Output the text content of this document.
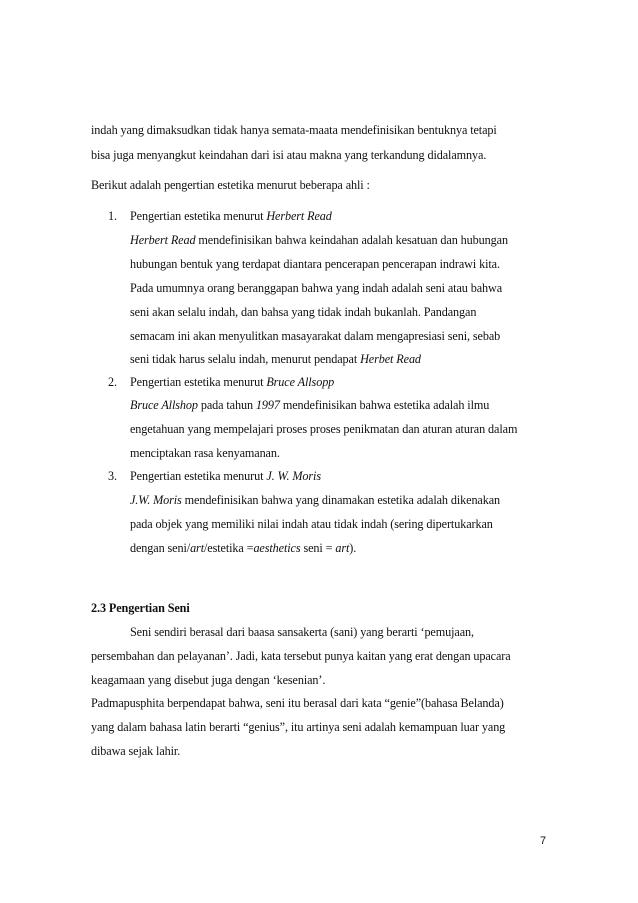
indah yang dimaksudkan tidak hanya semata-maata mendefinisikan bentuknya tetapi
bisa juga menyangkut keindahan dari isi atau makna yang terkandung didalamnya.
Berikut adalah pengertian estetika menurut beberapa ahli :
1. Pengertian estetika menurut Herbert Read
Herbert Read mendefinisikan bahwa keindahan adalah kesatuan dan hubungan
hubungan bentuk yang terdapat diantara pencerapan pencerapan indrawi kita.
Pada umumnya orang beranggapan bahwa yang indah adalah seni atau bahwa
seni akan selalu indah, dan bahsa yang tidak indah bukanlah. Pandangan
semacam ini akan menyulitkan masayarakat dalam mengapresiasi seni, sebab
seni tidak harus selalu indah, menurut pendapat Herbet Read
2. Pengertian estetika menurut Bruce Allsopp
Bruce Allshop pada tahun 1997 mendefinisikan bahwa estetika adalah ilmu
engetahuan yang mempelajari proses proses penikmatan dan aturan aturan dalam
menciptakan rasa kenyamanan.
3. Pengertian estetika menurut J. W. Moris
J.W. Moris mendefinisikan bahwa yang dinamakan estetika adalah dikenakan
pada objek yang memiliki nilai indah atau tidak indah (sering dipertukarkan
dengan seni/art/estetika =aesthetics seni = art).
2.3 Pengertian Seni
Seni sendiri berasal dari baasa sansakerta (sani) yang berarti ‘pemujaan,
persembahan dan pelayanan’. Jadi, kata tersebut punya kaitan yang erat dengan upacara
keagamaan yang disebut juga dengan ‘kesenian’.
Padmapusphita berpendapat bahwa, seni itu berasal dari kata “genie”(bahasa Belanda)
yang dalam bahasa latin berarti “genius”, itu artinya seni adalah kemampuan luar yang
dibawa sejak lahir.
7
